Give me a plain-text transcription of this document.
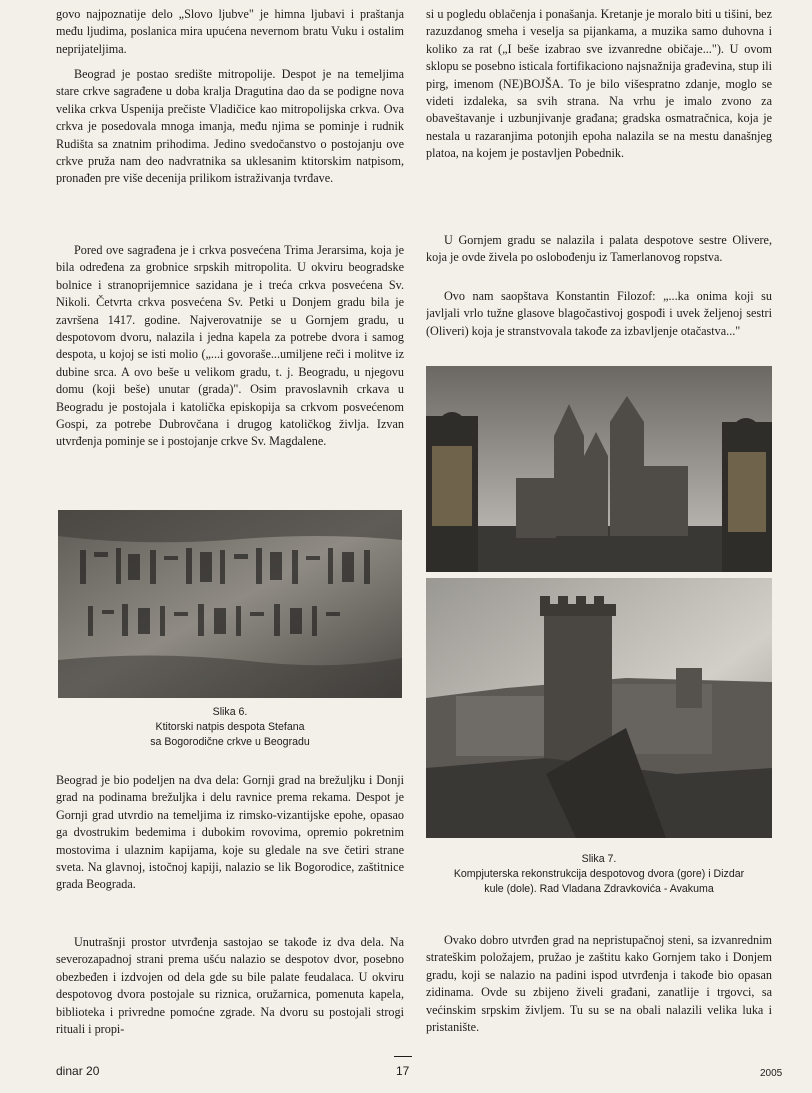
govo najpoznatije delo „Slovo ljubve" je himna ljubavi i praštanja među ljudima, poslanica mira upućena nevernom bratu Vuku i ostalim neprijateljima.

Beograd je postao središte mitropolije. Despot je na temeljima stare crkve sagrađene u doba kralja Dragutina dao da se podigne nova velika crkva Uspenija prečiste Vladičice kao mitropolijska crkva. Ova crkva je posedovala mnoga imanja, među njima se pominje i rudnik Rudišta sa znatnim prihodima. Jedino svedočanstvo o postojanju ove crkve pruža nam deo nadvratnika sa uklesanim ktitorskim natpisom, pronađen pre više decenija prilikom istraživanja tvrđave.

Pored ove sagrađena je i crkva posvećena Trima Jerarsima, koja je bila određena za grobnice srpskih mitropolita. U okviru beogradske bolnice i stranoprijemnice sazidana je i treća crkva posvećena Sv. Nikoli. Četvrta crkva posvećena Sv. Petki u Donjem gradu bila je završena 1417. godine. Najverovatnije se u Gornjem gradu, u despotovom dvoru, nalazila i jedna kapela za potrebe dvora i samog despota, u kojoj se isti molio („...i govoraše...umiljene reči i molitve iz dubine srca. A ovo beše u velikom gradu, t. j. Beogradu, u njegovu domu (koji beše) unutar (grada)". Osim pravoslavnih crkava u Beogradu je postojala i katolička episkopija sa crkvom posvećenom Gospi, za potrebe Dubrovčana i drugog katoličkog življa. Izvan utvrđenja pominje se i postojanje crkve Sv. Magdalene.

Slika 6.
Ktitorski natpis despota Stefana
sa Bogorodične crkve u Beogradu

Beograd je bio podeljen na dva dela: Gornji grad na brežuljku i Donji grad na podinama brežuljka i delu ravnice prema rekama. Despot je Gornji grad utvrdio na temeljima iz rimsko-vizantijske epohe, opasao ga dvostrukim bedemima i dubokim rovovima, opremio pokretnim mostovima i ulaznim kapijama, koje su gledale na sve četiri strane sveta. Na glavnoj, istočnoj kapiji, nalazio se lik Bogorodice, zaštitnice grada Beograda.

Unutrašnji prostor utvrđenja sastojao se takođe iz dva dela. Na severozapadnoj strani prema ušću nalazio se despotov dvor, posebno obezbeđen i izdvojen od dela gde su bile palate feudalaca. U okviru despotovog dvora postojale su riznica, oružarnica, pomenuta kapela, biblioteka i privredne pomoćne zgrade. Na dvoru su postojali strogi rituali i propi-

si u pogledu oblačenja i ponašanja. Kretanje je moralo biti u tišini, bez razuzdanog smeha i veselja sa pijankama, a muzika samo duhovna i koliko za rat („I beše izabrao sve izvanredne običaje..."). U ovom sklopu se posebno isticala fortifikaciono najsnažnija građevina, stup ili pirg, imenom (NE)BOJŠA. To je bilo višespratno zdanje, moglo se videti izdaleka, sa svih strana. Na vrhu je imalo zvono za obaveštavanje i uzbunjivanje građana; gradska osmatračnica, koja je nestala u razaranjima potonjih epoha nalazila se na mestu današnjeg platoa, na kojem je postavljen Pobednik.

U Gornjem gradu se nalazila i palata despotove sestre Olivere, koja je ovde živela po oslobođenju iz Tamerlanovog ropstva.

Ovo nam saopštava Konstantin Filozof: „...ka onima koji su javljali vrlo tužne glasove blagočastivoj gospođi i uvek željenoj sestri (Oliveri) koja je stranstvovala takođe za izbavljenje otačastva..."

Slika 7.
Kompjuterska rekonstrukcija despotovog dvora (gore) i Dizdar
kule (dole). Rad Vladana Zdravkovića - Avakuma

Ovako dobro utvrđen grad na nepristupačnoj steni, sa izvanrednim strateškim položajem, pružao je zaštitu kako Gornjem tako i Donjem gradu, koji se nalazio na padini ispod utvrđenja i takođe bio opasan zidinama. Ovde su zbijeno živeli građani, zanatlije i trgovci, sa većinskim srpskim življem. Tu su se na obali nalazili velika luka i pristanište.

dinar 20	17	2005
